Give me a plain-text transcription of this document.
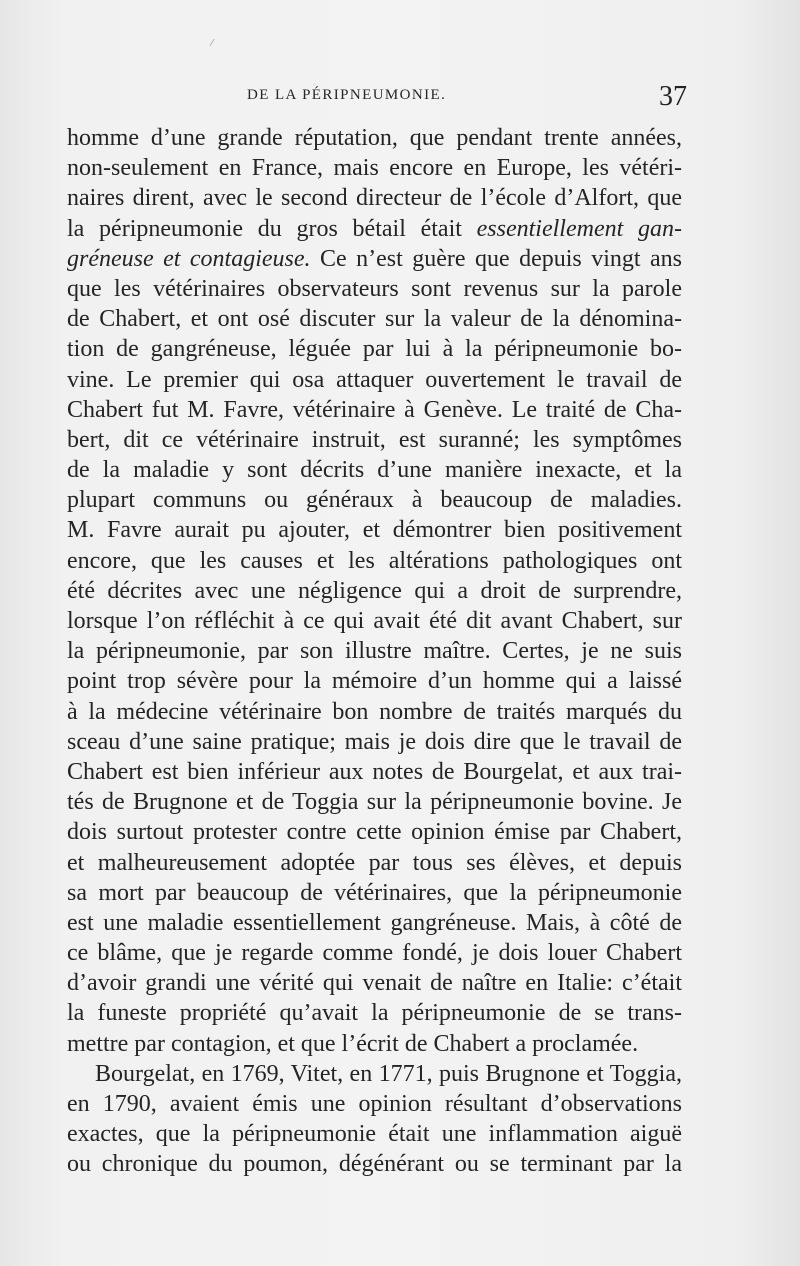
DE LA PÉRIPNEUMONIE.	37
homme d’une grande réputation, que pendant trente années,
non-seulement en France, mais encore en Europe, les vétéri-
naires dirent, avec le second directeur de l’école d’Alfort, que
la péripneumonie du gros bétail était essentiellement gan-
gréneuse et contagieuse. Ce n’est guère que depuis vingt ans
que les vétérinaires observateurs sont revenus sur la parole
de Chabert, et ont osé discuter sur la valeur de la dénomina-
tion de gangréneuse, léguée par lui à la péripneumonie bo-
vine. Le premier qui osa attaquer ouvertement le travail de
Chabert fut M. Favre, vétérinaire à Genève. Le traité de Cha-
bert, dit ce vétérinaire instruit, est suranné; les symptômes
de la maladie y sont décrits d’une manière inexacte, et la
plupart communs ou généraux à beaucoup de maladies.
M. Favre aurait pu ajouter, et démontrer bien positivement
encore, que les causes et les altérations pathologiques ont
été décrites avec une négligence qui a droit de surprendre,
lorsque l’on réfléchit à ce qui avait été dit avant Chabert, sur
la péripneumonie, par son illustre maître. Certes, je ne suis
point trop sévère pour la mémoire d’un homme qui a laissé
à la médecine vétérinaire bon nombre de traités marqués du
sceau d’une saine pratique; mais je dois dire que le travail de
Chabert est bien inférieur aux notes de Bourgelat, et aux trai-
tés de Brugnone et de Toggia sur la péripneumonie bovine. Je
dois surtout protester contre cette opinion émise par Chabert,
et malheureusement adoptée par tous ses élèves, et depuis
sa mort par beaucoup de vétérinaires, que la péripneumonie
est une maladie essentiellement gangréneuse. Mais, à côté de
ce blâme, que je regarde comme fondé, je dois louer Chabert
d’avoir grandi une vérité qui venait de naître en Italie: c’était
la funeste propriété qu’avait la péripneumonie de se trans-
mettre par contagion, et que l’écrit de Chabert a proclamée.
Bourgelat, en 1769, Vitet, en 1771, puis Brugnone et Toggia,
en 1790, avaient émis une opinion résultant d’observations
exactes, que la péripneumonie était une inflammation aiguë
ou chronique du poumon, dégénérant ou se terminant par la
